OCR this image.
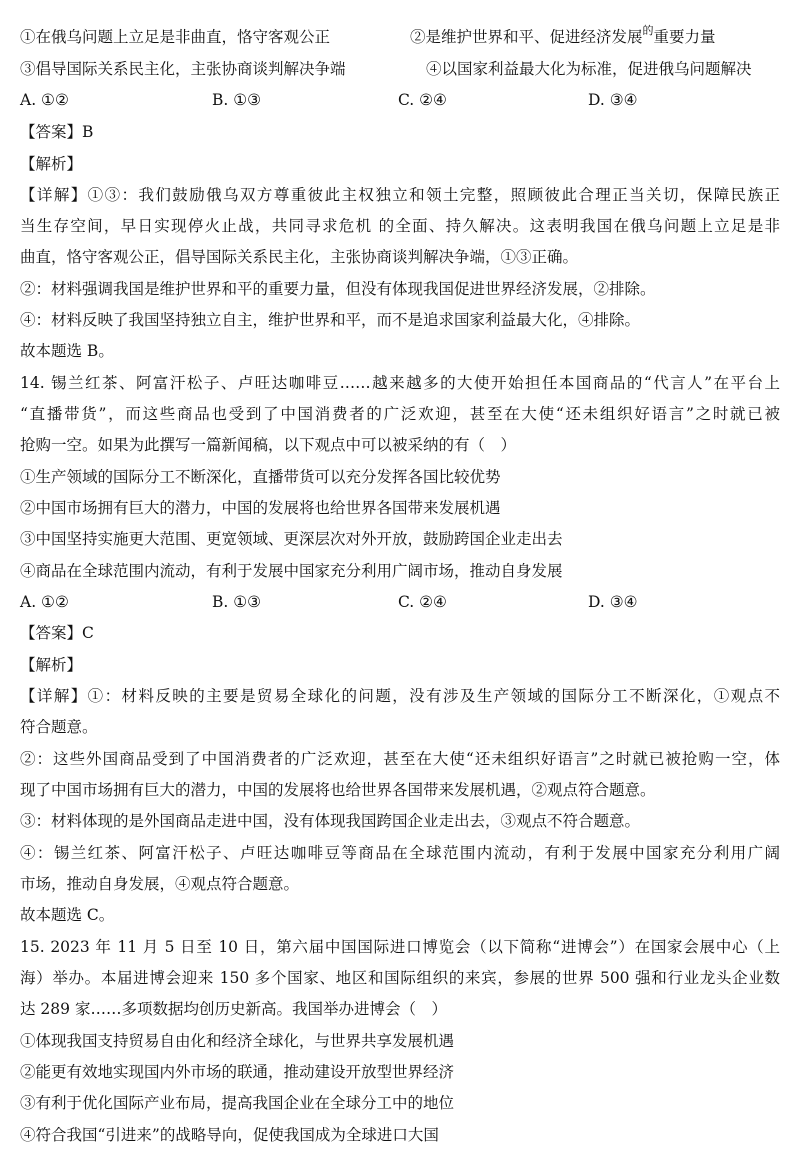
①在俄乌问题上立足是非曲直，恪守客观公正	②是维护世界和平、促进经济发展$^的$重要力量
③倡导国际关系民主化，主张协商谈判解决争端	④以国家利益最大化为标准，促进俄乌问题解决
A. ①②	B. ①③	C. ②④	D. ③④
【答案】B
【解析】
【详解】①③：我们鼓励俄乌双方尊重彼此主权独立和领土完整，照顾彼此合理正当关切，保障民族正
当生存空间，早日实现停火止战，共同寻求危机 的全面、持久解决。这表明我国在俄乌问题上立足是非
曲直，恪守客观公正，倡导国际关系民主化，主张协商谈判解决争端，①③正确。
②：材料强调我国是维护世界和平的重要力量，但没有体现我国促进世界经济发展，②排除。
④：材料反映了我国坚持独立自主，维护世界和平，而不是追求国家利益最大化，④排除。
故本题选 B。
14. 锡兰红茶、阿富汗松子、卢旺达咖啡豆……越来越多的大使开始担任本国商品的“代言人”在平台上
“直播带货”，而这些商品也受到了中国消费者的广泛欢迎，甚至在大使“还未组织好语言”之时就已被
抢购一空。如果为此撰写一篇新闻稿，以下观点中可以被采纳的有（　）
①生产领域的国际分工不断深化，直播带货可以充分发挥各国比较优势
②中国市场拥有巨大的潜力，中国的发展将也给世界各国带来发展机遇
③中国坚持实施更大范围、更宽领域、更深层次对外开放，鼓励跨国企业走出去
④商品在全球范围内流动，有利于发展中国家充分利用广阔市场，推动自身发展
A. ①②	B. ①③	C. ②④	D. ③④
【答案】C
【解析】
【详解】①：材料反映的主要是贸易全球化的问题，没有涉及生产领域的国际分工不断深化，①观点不
符合题意。
②：这些外国商品受到了中国消费者的广泛欢迎，甚至在大使“还未组织好语言”之时就已被抢购一空，体
现了中国市场拥有巨大的潜力，中国的发展将也给世界各国带来发展机遇，②观点符合题意。
③：材料体现的是外国商品走进中国，没有体现我国跨国企业走出去，③观点不符合题意。
④：锡兰红茶、阿富汗松子、卢旺达咖啡豆等商品在全球范围内流动，有利于发展中国家充分利用广阔
市场，推动自身发展，④观点符合题意。
故本题选 C。
15. 2023 年 11 月 5 日至 10 日，第六届中国国际进口博览会（以下简称“进博会”）在国家会展中心（上
海）举办。本届进博会迎来 150 多个国家、地区和国际组织的来宾，参展的世界 500 强和行业龙头企业数
达 289 家……多项数据均创历史新高。我国举办进博会（　）
①体现我国支持贸易自由化和经济全球化，与世界共享发展机遇
②能更有效地实现国内外市场的联通，推动建设开放型世界经济
③有利于优化国际产业布局，提高我国企业在全球分工中的地位
④符合我国“引进来”的战略导向，促使我国成为全球进口大国
